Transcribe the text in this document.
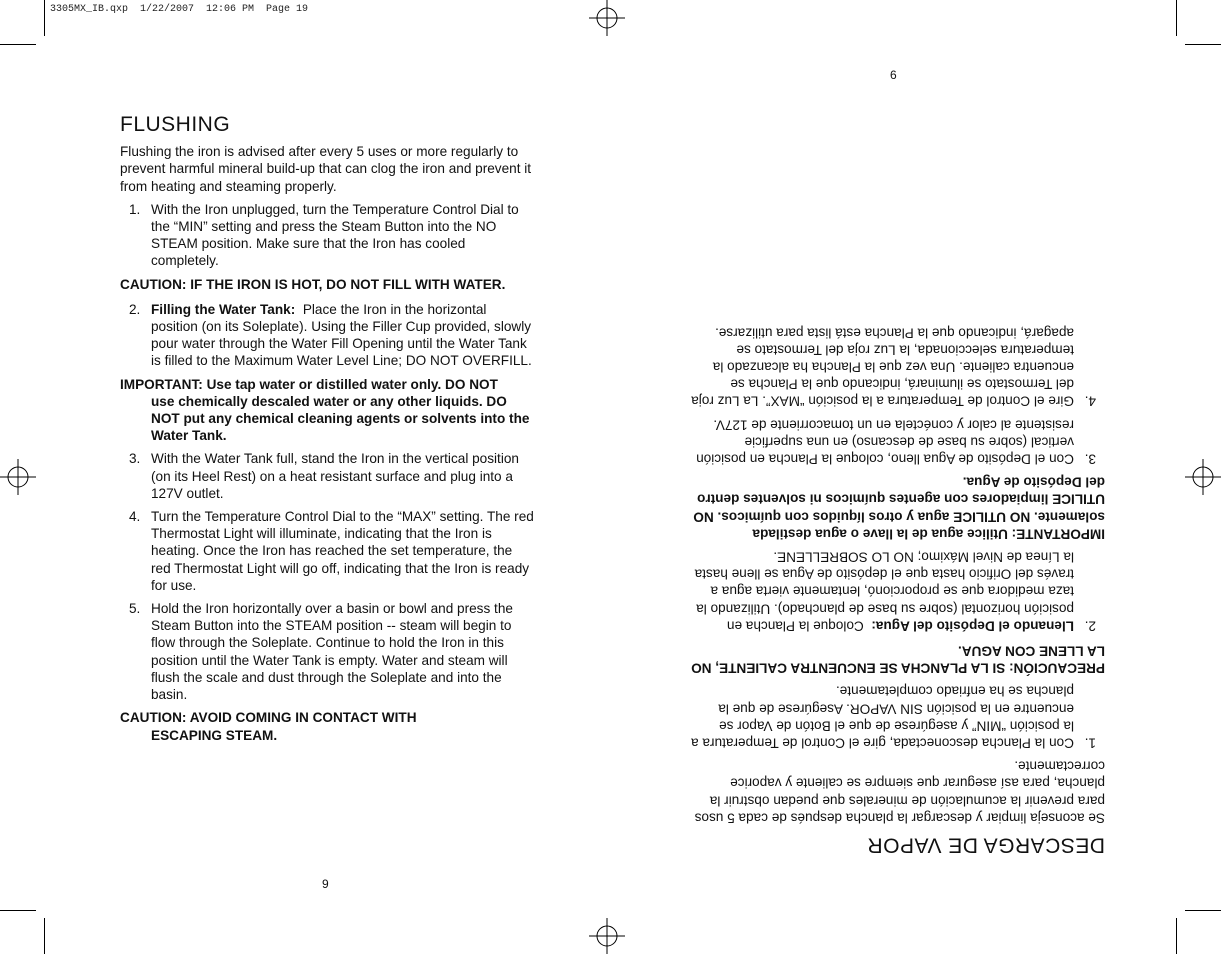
3305MX_IB.qxp  1/22/2007  12:06 PM  Page 19
6
9
FLUSHING

Flushing the iron is advised after every 5 uses or more regularly to prevent harmful mineral build-up that can clog the iron and prevent it from heating and steaming properly.

1. With the Iron unplugged, turn the Temperature Control Dial to the “MIN” setting and press the Steam Button into the NO STEAM position. Make sure that the Iron has cooled completely.
CAUTION: IF THE IRON IS HOT, DO NOT FILL WITH WATER.
2. Filling the Water Tank: Place the Iron in the horizontal position (on its Soleplate). Using the Filler Cup provided, slowly pour water through the Water Fill Opening until the Water Tank is filled to the Maximum Water Level Line; DO NOT OVERFILL.
IMPORTANT: Use tap water or distilled water only. DO NOT
use chemically descaled water or any other liquids. DO NOT put any chemical cleaning agents or solvents into the Water Tank.
3. With the Water Tank full, stand the Iron in the vertical position (on its Heel Rest) on a heat resistant surface and plug into a 127V outlet.
4. Turn the Temperature Control Dial to the “MAX” setting. The red Thermostat Light will illuminate, indicating that the Iron is heating. Once the Iron has reached the set temperature, the red Thermostat Light will go off, indicating that the Iron is ready for use.
5. Hold the Iron horizontally over a basin or bowl and press the Steam Button into the STEAM position -- steam will begin to flow through the Soleplate. Continue to hold the Iron in this position until the Water Tank is empty. Water and steam will flush the scale and dust through the Soleplate and into the basin.
CAUTION: AVOID COMING IN CONTACT WITH
ESCAPING STEAM.
DESCARGA DE VAPOR

Se aconseja limpiar y descargar la plancha después de cada 5 usos para prevenir la acumulación de minerales que puedan obstruir la plancha, para así asegurar que siempre se caliente y vaporice correctamente.

1.
Con la Plancha desconectada, gire el Control de Temperatura a la posición “MIN” y asegúrese de que el Botón de Vapor se encuentre en la posición SIN VAPOR. Asegúrese de que la plancha se ha enfriado completamente.
PRECAUCIÓN: SI LA PLANCHA SE ENCUENTRA CALIENTE, NO LA LLENE CON AGUA.
2.
Llenando el Depósito del Agua:  Coloque la Plancha en posición horizontal (sobre su base de planchado). Utilizando la taza medidora que se proporcionó, lentamente vierta agua a través del Orificio hasta que el depósito de Agua se llene hasta la Línea de Nivel Máximo; NO LO SOBRELLENE.
IMPORTANTE: Utilice agua de la llave o agua destilada solamente. NO UTILICE agua y otros líquidos con químicos. NO UTILICE limpiadores con agentes químicos ni solventes dentro del Depósito de Agua.
3.
Con el Depósito de Agua lleno, coloque la Plancha en posición vertical (sobre su base de descanso) en una superficie resistente al calor y conéctela en un tomacorriente de 127V.
4.
Gire el Control de Temperatura a la posición “MAX”. La Luz roja del Termostato se iluminará, indicando que la Plancha se encuentra caliente. Una vez que la Plancha ha alcanzado la temperatura seleccionada, la Luz roja del Termostato se apagará, indicando que la Plancha está lista para utilizarse.
